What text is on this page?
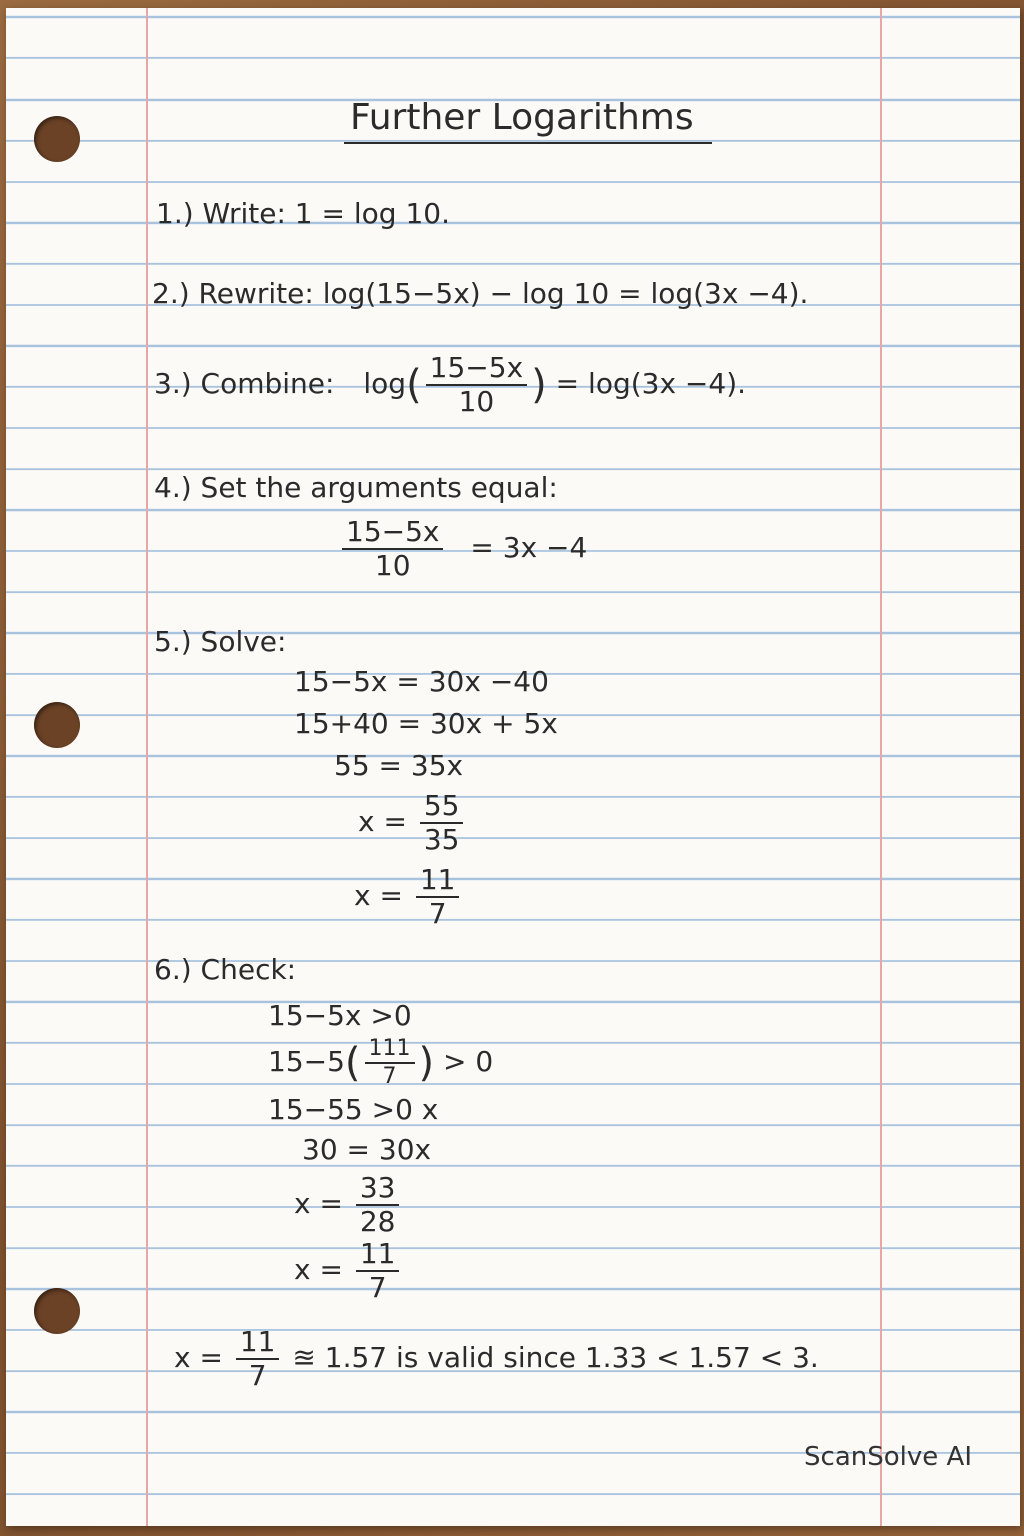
Further Logarithms
1.) Write: 1 = log 10.
2.) Rewrite: log(15−5x) − log 10 = log(3x −4).
3.) Combine: $\log( \frac{15-5x}{10}$ ) = log(3x −4).
4.) Set the arguments equal:
$\frac{15-5x}{10} = 3x -4$
5.) Solve:
15−5x = 30x −40
15+40 = 30x + 5x
55 = 35x
$x = \frac{55}{35}$
$x = \frac{11}{7}$
6.) Check:
15−5x >0
$15-5( \frac{111}{7}$ ) > 0
15−55 >0 x
30 = 30x
$x = \frac{33}{28}$
$x = \frac{11}{7}$
$x = \frac{11}{7}$ ≊ 1.57 is valid since 1.33 < 1.57 < 3.
ScanSolve AI
